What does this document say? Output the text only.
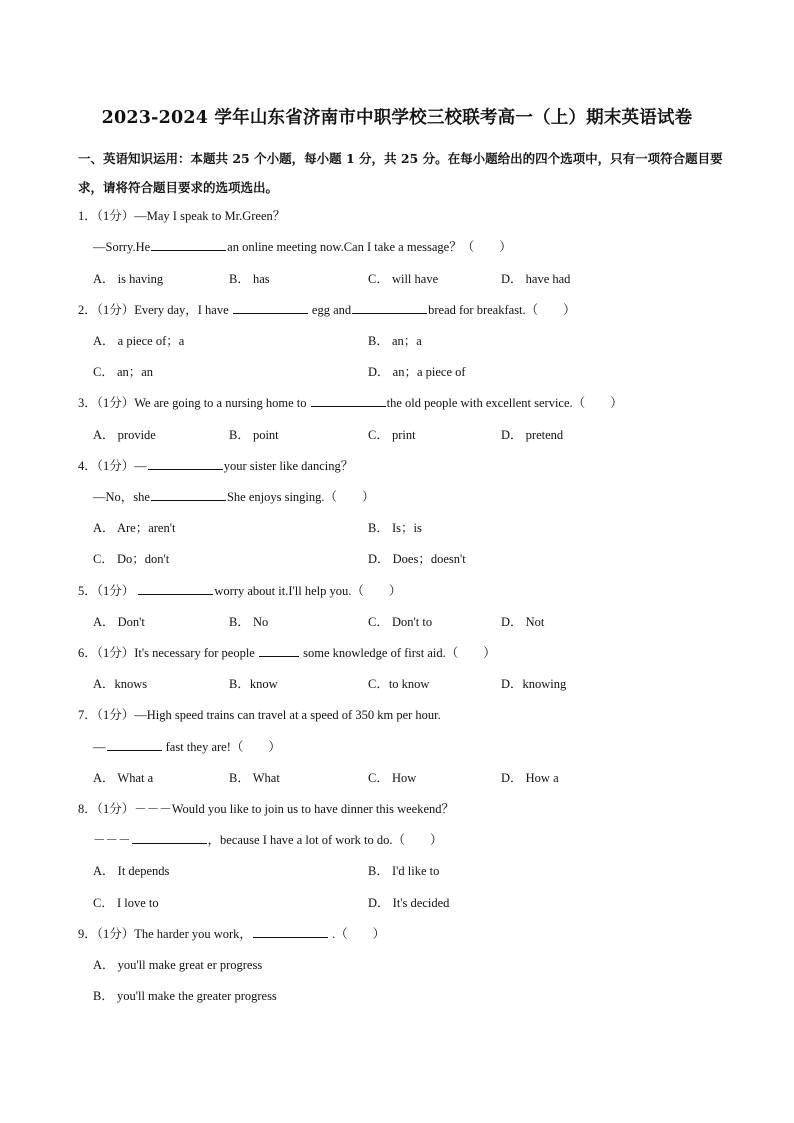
2023-2024 学年山东省济南市中职学校三校联考高一（上）期末英语试卷
一、英语知识运用：本题共 25 个小题，每小题 1 分，共 25 分。在每小题给出的四个选项中，只有一项符合题目要求，请将符合题目要求的选项选出。
1．（1分）—May I speak to Mr.Green？
—Sorry.He	an online meeting now.Can I take a message？（　　）
A． is having	B． has	C． will have	D． have had
2．（1分）Every day，I have	egg and	bread for breakfast.（　　）
A． a piece of；a	B． an；a
C． an；an	D． an；a piece of
3．（1分）We are going to a nursing home to	the old people with excellent service.（　　）
A． provide	B． point	C． print	D． pretend
4．（1分）—	your sister like dancing？
—No，she	She enjoys singing.（　　）
A． Are；aren't	B． Is；is
C． Do；don't	D． Does；doesn't
5．（1分）	worry about it.I'll help you.（　　）
A． Don't	B． No	C． Don't to	D． Not
6．（1分）It's necessary for people	some knowledge of first aid.（　　）
A．knows	B．know	C．to know	D．knowing
7．（1分）—High speed trains can travel at a speed of 350 km per hour.
—	fast they are!（　　）
A． What a	B． What	C． How	D． How a
8．（1分）－－－Would you like to join us to have dinner this weekend？
－－－	，because I have a lot of work to do.（　　）
A． It depends	B． I'd like to
C． I love to	D． It's decided
9．（1分）The harder you work，	.（　　）
A． you'll make great er progress
B． you'll make the greater progress
